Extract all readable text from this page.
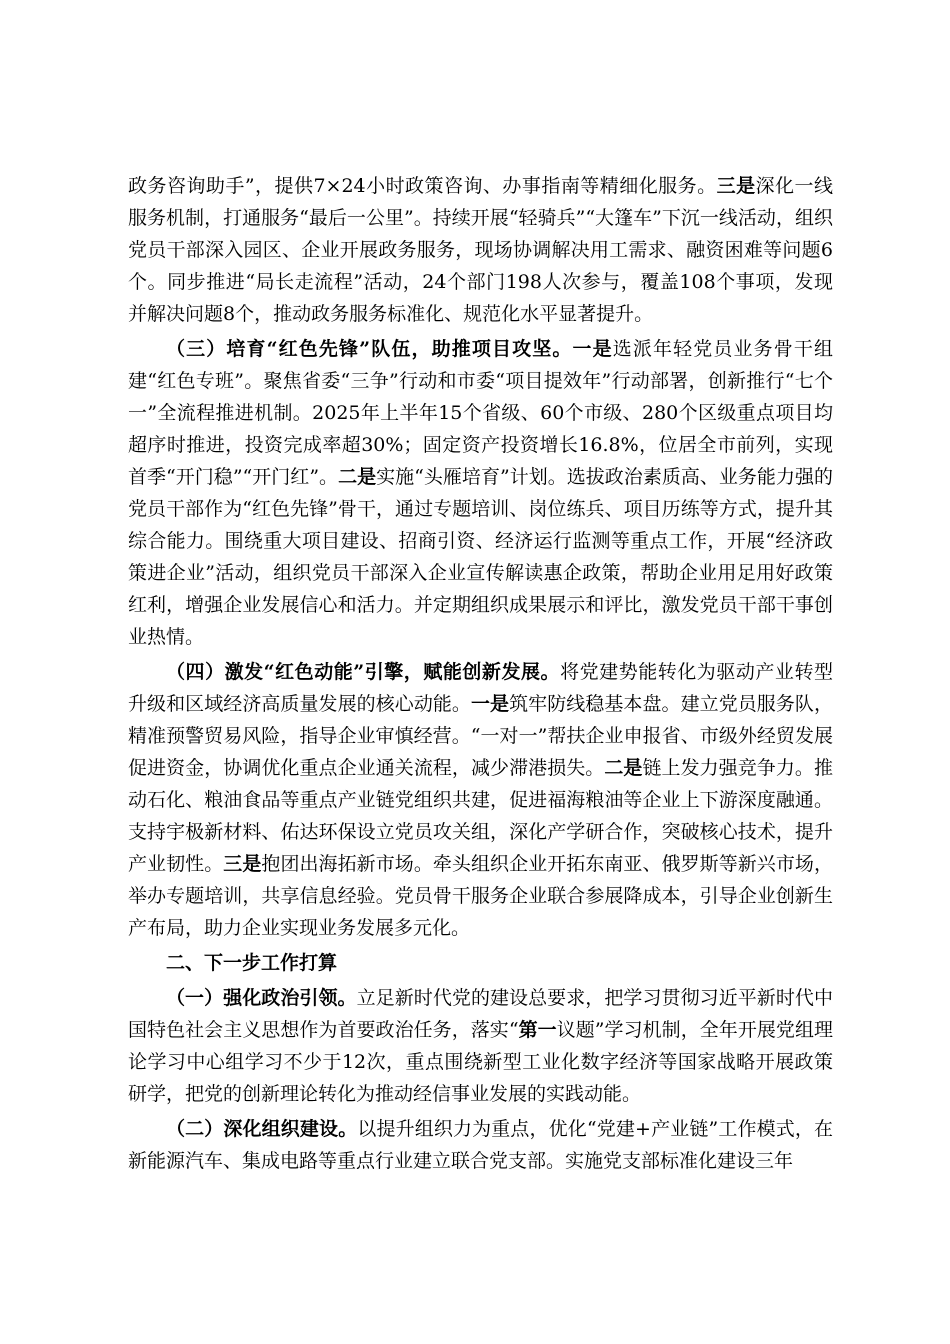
政务咨询助手”，提供7×24小时政策咨询、办事指南等精细化服务。三是深化一线服务机制，打通服务“最后一公里”。持续开展“轻骑兵”“大篷车”下沉一线活动，组织党员干部深入园区、企业开展政务服务，现场协调解决用工需求、融资困难等问题6个。同步推进“局长走流程”活动，24个部门198人次参与，覆盖108个事项，发现并解决问题8个，推动政务服务标准化、规范化水平显著提升。

（三）培育“红色先锋”队伍，助推项目攻坚。一是选派年轻党员业务骨干组建“红色专班”。聚焦省委“三争”行动和市委“项目提效年”行动部署，创新推行“七个一”全流程推进机制。2025年上半年15个省级、60个市级、280个区级重点项目均超序时推进，投资完成率超30%；固定资产投资增长16.8%，位居全市前列，实现首季“开门稳”“开门红”。二是实施“头雁培育”计划。选拔政治素质高、业务能力强的党员干部作为“红色先锋”骨干，通过专题培训、岗位练兵、项目历练等方式，提升其综合能力。围绕重大项目建设、招商引资、经济运行监测等重点工作，开展“经济政策进企业”活动，组织党员干部深入企业宣传解读惠企政策，帮助企业用足用好政策红利，增强企业发展信心和活力。并定期组织成果展示和评比，激发党员干部干事创业热情。

（四）激发“红色动能”引擎，赋能创新发展。将党建势能转化为驱动产业转型升级和区域经济高质量发展的核心动能。一是筑牢防线稳基本盘。建立党员服务队，精准预警贸易风险，指导企业审慎经营。“一对一”帮扶企业申报省、市级外经贸发展促进资金，协调优化重点企业通关流程，减少滞港损失。二是链上发力强竞争力。推动石化、粮油食品等重点产业链党组织共建，促进福海粮油等企业上下游深度融通。支持宇极新材料、佑达环保设立党员攻关组，深化产学研合作，突破核心技术，提升产业韧性。三是抱团出海拓新市场。牵头组织企业开拓东南亚、俄罗斯等新兴市场，举办专题培训，共享信息经验。党员骨干服务企业联合参展降成本，引导企业创新生产布局，助力企业实现业务发展多元化。

二、下一步工作打算

（一）强化政治引领。立足新时代党的建设总要求，把学习贯彻习近平新时代中国特色社会主义思想作为首要政治任务，落实“第一议题”学习机制，全年开展党组理论学习中心组学习不少于12次，重点围绕新型工业化数字经济等国家战略开展政策研学，把党的创新理论转化为推动经信事业发展的实践动能。

（二）深化组织建设。以提升组织力为重点，优化“党建+产业链”工作模式，在新能源汽车、集成电路等重点行业建立联合党支部。实施党支部标准化建设三年
